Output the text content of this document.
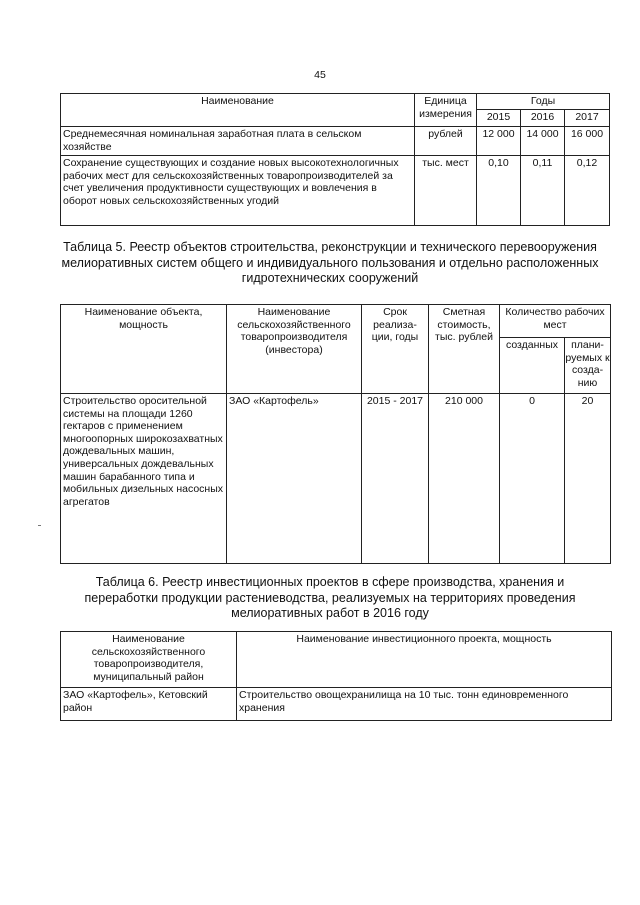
45
Наименование	Единица измерения	Годы		
		2015	2016	2017
Среднемесячная номинальная заработная плата в сельском хозяйстве	рублей	12 000	14 000	16 000
Сохранение существующих и создание новых высокотехнологичных рабочих мест для сельскохозяйственных товаропроизводителей за счет увеличения продуктивности существующих и вовлечения в оборот новых сельскохозяйственных угодий	тыс. мест	0,10	0,11	0,12
Таблица 5. Реестр объектов строительства, реконструкции и технического перевооружения мелиоративных систем общего и индивидуального пользования и отдельно расположенных гидротехнических сооружений
Наименование объекта, мощность	Наименование сельскохозяйственного товаропроизводителя (инвестора)	Срок реализа-ции, годы	Сметная стоимость, тыс. рублей	Количество рабочих мест	
				созданных	плани-руемых к созда-нию
Строительство оросительной системы на площади 1260 гектаров с применением многоопорных широкозахватных дождевальных машин, универсальных дождевальных машин барабанного типа и мобильных дизельных насосных агрегатов	ЗАО «Картофель»	2015 - 2017	210 000	0	20
Таблица 6. Реестр инвестиционных проектов в сфере производства, хранения и переработки продукции растениеводства, реализуемых на территориях проведения мелиоративных работ в 2016 году
Наименование сельскохозяйственного товаропроизводителя, муниципальный район	Наименование инвестиционного проекта, мощность
ЗАО «Картофель», Кетовский район	Строительство овощехранилища на 10 тыс. тонн единовременного хранения
